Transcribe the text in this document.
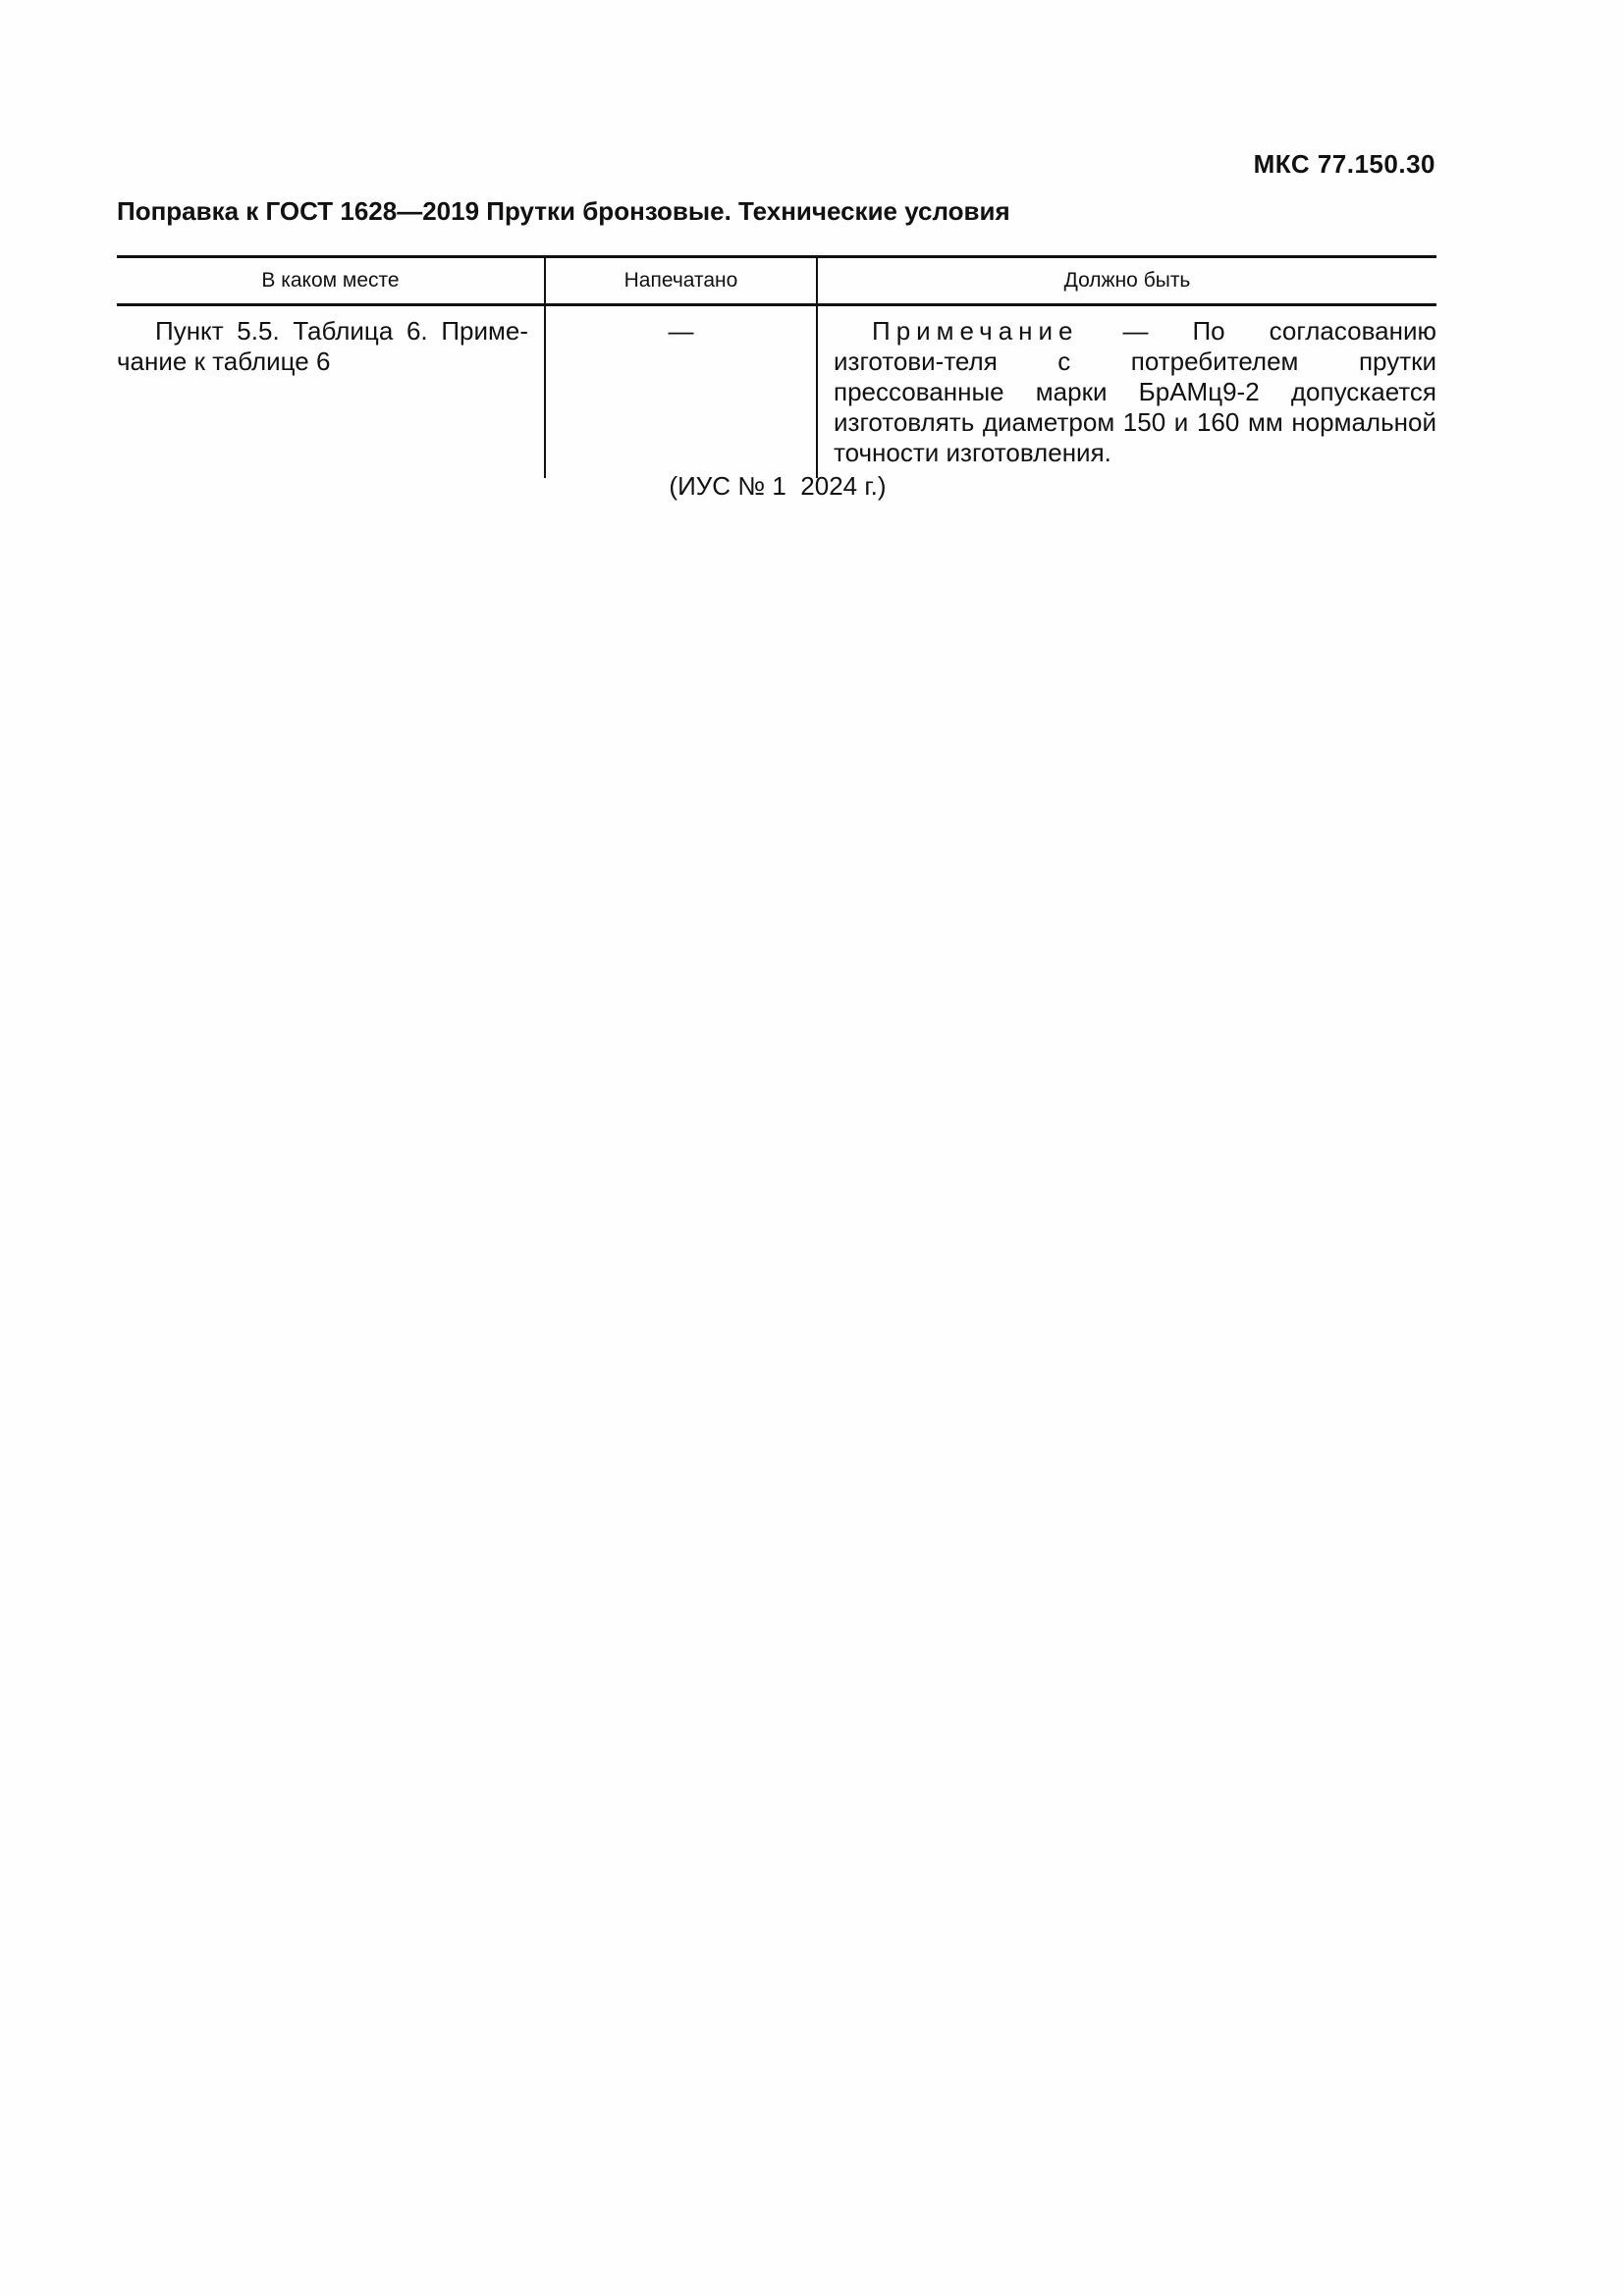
МКС 77.150.30

Поправка к ГОСТ 1628—2019 Прутки бронзовые. Технические условия
В каком месте	Напечатано	Должно быть
Пункт 5.5. Таблица 6. Приме-чание к таблице 6	—	Примечание — По согласованию изготови-теля с потребителем прутки прессованные марки БрАМц9-2 допускается изготовлять диаметром 150 и 160 мм нормальной точности изготовления.

(ИУС № 1  2024 г.)
